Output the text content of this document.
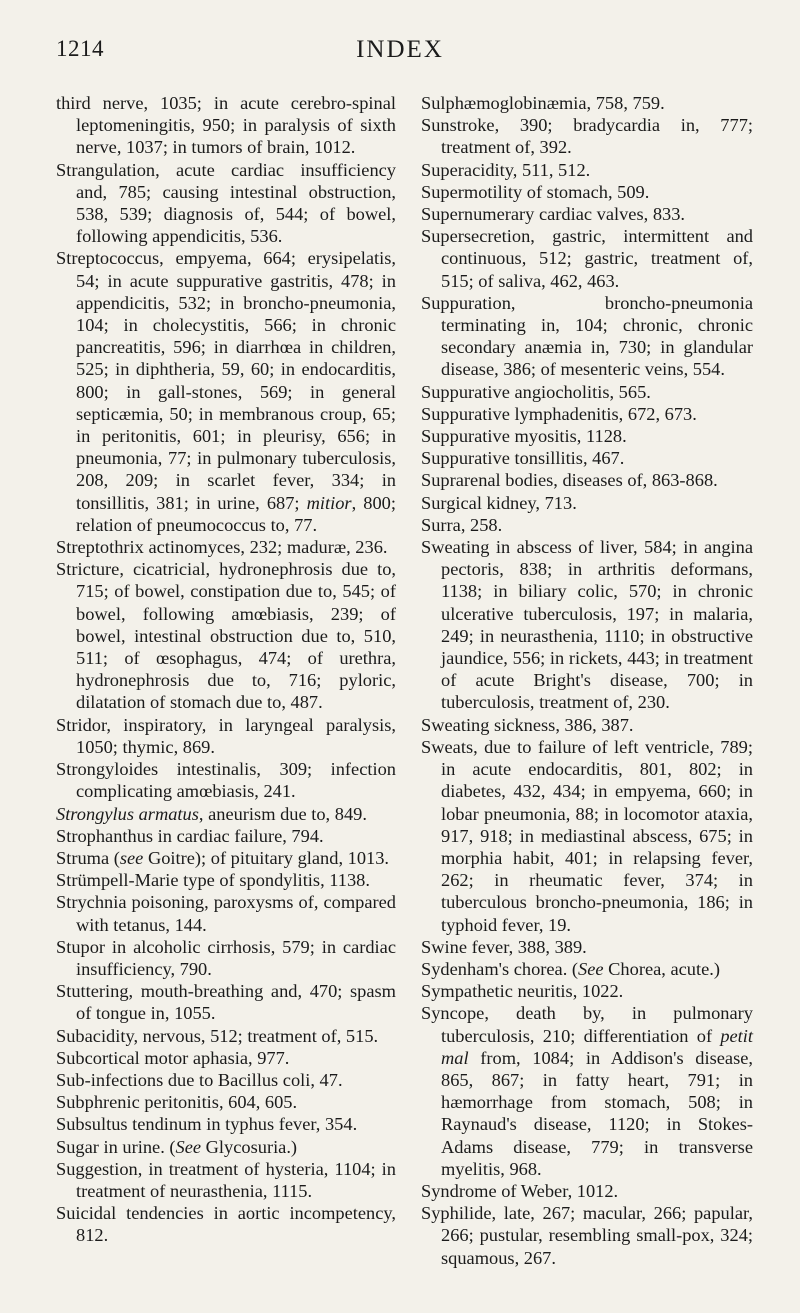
1214	INDEX

third nerve, 1035; in acute cerebro-spinal leptomeningitis, 950; in paralysis of sixth nerve, 1037; in tumors of brain, 1012.

Strangulation, acute cardiac insufficiency and, 785; causing intestinal obstruction, 538, 539; diagnosis of, 544; of bowel, following appendicitis, 536.

Streptococcus, empyema, 664; erysipelatis, 54; in acute suppurative gastritis, 478; in appendicitis, 532; in broncho-pneumonia, 104; in cholecystitis, 566; in chronic pancreatitis, 596; in diarrhœa in children, 525; in diphtheria, 59, 60; in endocarditis, 800; in gall-stones, 569; in general septicæmia, 50; in membranous croup, 65; in peritonitis, 601; in pleurisy, 656; in pneumonia, 77; in pulmonary tuberculosis, 208, 209; in scarlet fever, 334; in tonsillitis, 381; in urine, 687; mitior, 800; relation of pneumococcus to, 77.

Streptothrix actinomyces, 232; maduræ, 236.

Stricture, cicatricial, hydronephrosis due to, 715; of bowel, constipation due to, 545; of bowel, following amœbiasis, 239; of bowel, intestinal obstruction due to, 510, 511; of œsophagus, 474; of urethra, hydronephrosis due to, 716; pyloric, dilatation of stomach due to, 487.

Stridor, inspiratory, in laryngeal paralysis, 1050; thymic, 869.

Strongyloides intestinalis, 309; infection complicating amœbiasis, 241.

Strongylus armatus, aneurism due to, 849.

Strophanthus in cardiac failure, 794.

Struma (see Goitre); of pituitary gland, 1013.

Strümpell-Marie type of spondylitis, 1138.

Strychnia poisoning, paroxysms of, compared with tetanus, 144.

Stupor in alcoholic cirrhosis, 579; in cardiac insufficiency, 790.

Stuttering, mouth-breathing and, 470; spasm of tongue in, 1055.

Subacidity, nervous, 512; treatment of, 515.

Subcortical motor aphasia, 977.

Sub-infections due to Bacillus coli, 47.

Subphrenic peritonitis, 604, 605.

Subsultus tendinum in typhus fever, 354.

Sugar in urine. (See Glycosuria.)

Suggestion, in treatment of hysteria, 1104; in treatment of neurasthenia, 1115.

Suicidal tendencies in aortic incompetency, 812.

Sulphæmoglobinæmia, 758, 759.

Sunstroke, 390; bradycardia in, 777; treatment of, 392.

Superacidity, 511, 512.

Supermotility of stomach, 509.

Supernumerary cardiac valves, 833.

Supersecretion, gastric, intermittent and continuous, 512; gastric, treatment of, 515; of saliva, 462, 463.

Suppuration, broncho-pneumonia terminating in, 104; chronic, chronic secondary anæmia in, 730; in glandular disease, 386; of mesenteric veins, 554.

Suppurative angiocholitis, 565.

Suppurative lymphadenitis, 672, 673.

Suppurative myositis, 1128.

Suppurative tonsillitis, 467.

Suprarenal bodies, diseases of, 863-868.

Surgical kidney, 713.

Surra, 258.

Sweating in abscess of liver, 584; in angina pectoris, 838; in arthritis deformans, 1138; in biliary colic, 570; in chronic ulcerative tuberculosis, 197; in malaria, 249; in neurasthenia, 1110; in obstructive jaundice, 556; in rickets, 443; in treatment of acute Bright's disease, 700; in tuberculosis, treatment of, 230.

Sweating sickness, 386, 387.

Sweats, due to failure of left ventricle, 789; in acute endocarditis, 801, 802; in diabetes, 432, 434; in empyema, 660; in lobar pneumonia, 88; in locomotor ataxia, 917, 918; in mediastinal abscess, 675; in morphia habit, 401; in relapsing fever, 262; in rheumatic fever, 374; in tuberculous broncho-pneumonia, 186; in typhoid fever, 19.

Swine fever, 388, 389.

Sydenham's chorea. (See Chorea, acute.)

Sympathetic neuritis, 1022.

Syncope, death by, in pulmonary tuberculosis, 210; differentiation of petit mal from, 1084; in Addison's disease, 865, 867; in fatty heart, 791; in hæmorrhage from stomach, 508; in Raynaud's disease, 1120; in Stokes-Adams disease, 779; in transverse myelitis, 968.

Syndrome of Weber, 1012.

Syphilide, late, 267; macular, 266; papular, 266; pustular, resembling small-pox, 324; squamous, 267.
